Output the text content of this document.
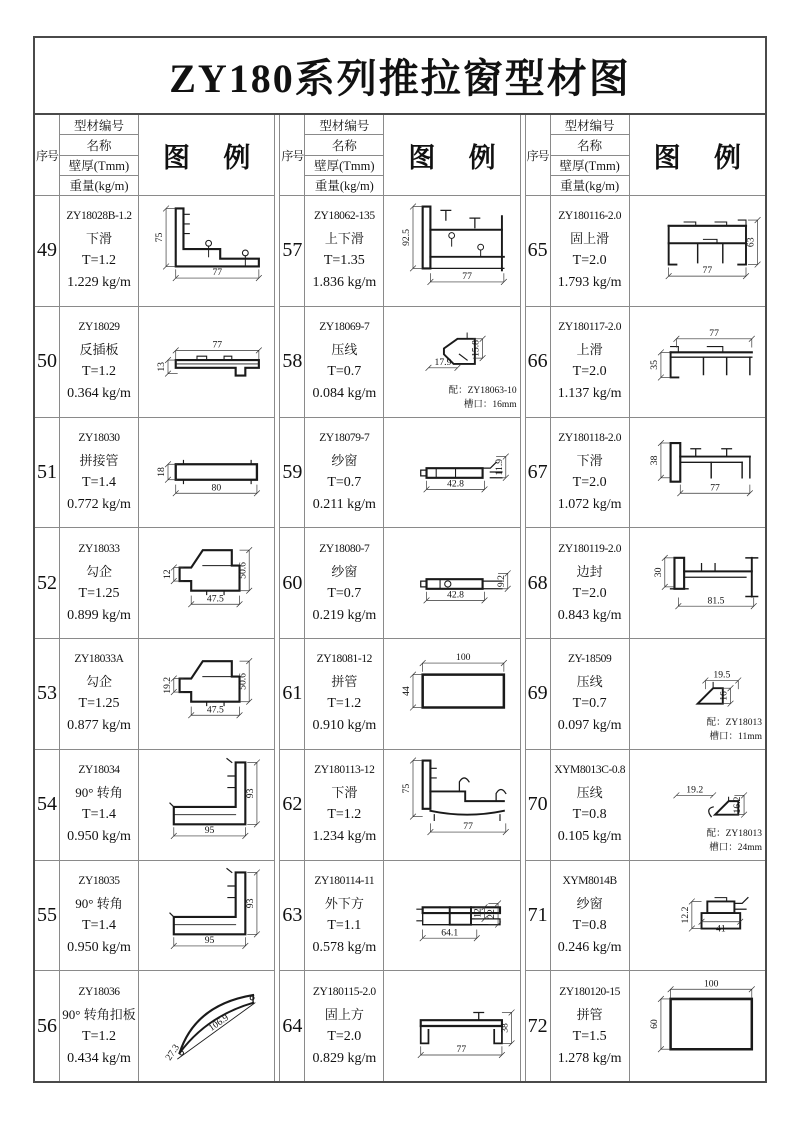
ZY180系列推拉窗型材图
序号
型材编号
名称
壁厚(Tmm)
重量(kg/m)
图 例
49
ZY18028B-1.2
下滑
T=1.2
1.229 kg/m
75
77
50
ZY18029
反插板
T=1.2
0.364 kg/m
77
13
51
ZY18030
拼接管
T=1.4
0.772 kg/m
18
80
52
ZY18033
勾企
T=1.25
0.899 kg/m
12	50.6
47.5
53
ZY18033A
勾企
T=1.25
0.877 kg/m
19.2	50.6
47.5
54
ZY18034
90° 转角
T=1.4
0.950 kg/m
93
95
55
ZY18035
90° 转角
T=1.4
0.950 kg/m
93
95
56
ZY18036
90° 转角扣板
T=1.2
0.434 kg/m	27.3
106.9
序号
型材编号
名称
壁厚(Tmm)
重量(kg/m)
图 例
57
ZY18062-135
上下滑
T=1.35
1.836 kg/m
92.5
77
58
ZY18069-7
压线
T=0.7
0.084 kg/m
15.8
17.9
配：ZY18063-10
槽口：16mm
59
ZY18079-7
纱窗
T=0.7
0.211 kg/m
11.9
42.8
60
ZY18080-7
纱窗
T=0.7
0.219 kg/m
9.2
42.8
61
ZY18081-12
拼管
T=1.2
0.910 kg/m
100
44
62
ZY180113-12
下滑
T=1.2
1.234 kg/m
75
77
63
ZY180114-11
外下方
T=1.1
0.578 kg/m
12 22
64.1
64
ZY180115-2.0
固上方
T=2.0
0.829 kg/m
38
77
序号
型材编号
名称
壁厚(Tmm)
重量(kg/m)
图 例
65
ZY180116-2.0
固上滑
T=2.0
1.793 kg/m
63
77
66
ZY180117-2.0
上滑
T=2.0
1.137 kg/m
77
35
67
ZY180118-2.0
下滑
T=2.0
1.072 kg/m
38
77
68
ZY180119-2.0
边封
T=2.0
0.843 kg/m
30
81.5
69
ZY-18509
压线
T=0.7
0.097 kg/m
19.5
16
配：ZY18013
槽口：11mm
70
XYM8013C-0.8
压线
T=0.8
0.105 kg/m
19.2
16.2
配：ZY18013
槽口：24mm
71
XYM8014B
纱窗
T=0.8
0.246 kg/m
12.2
41
72
ZY180120-15
拼管
T=1.5
1.278 kg/m
100
60
